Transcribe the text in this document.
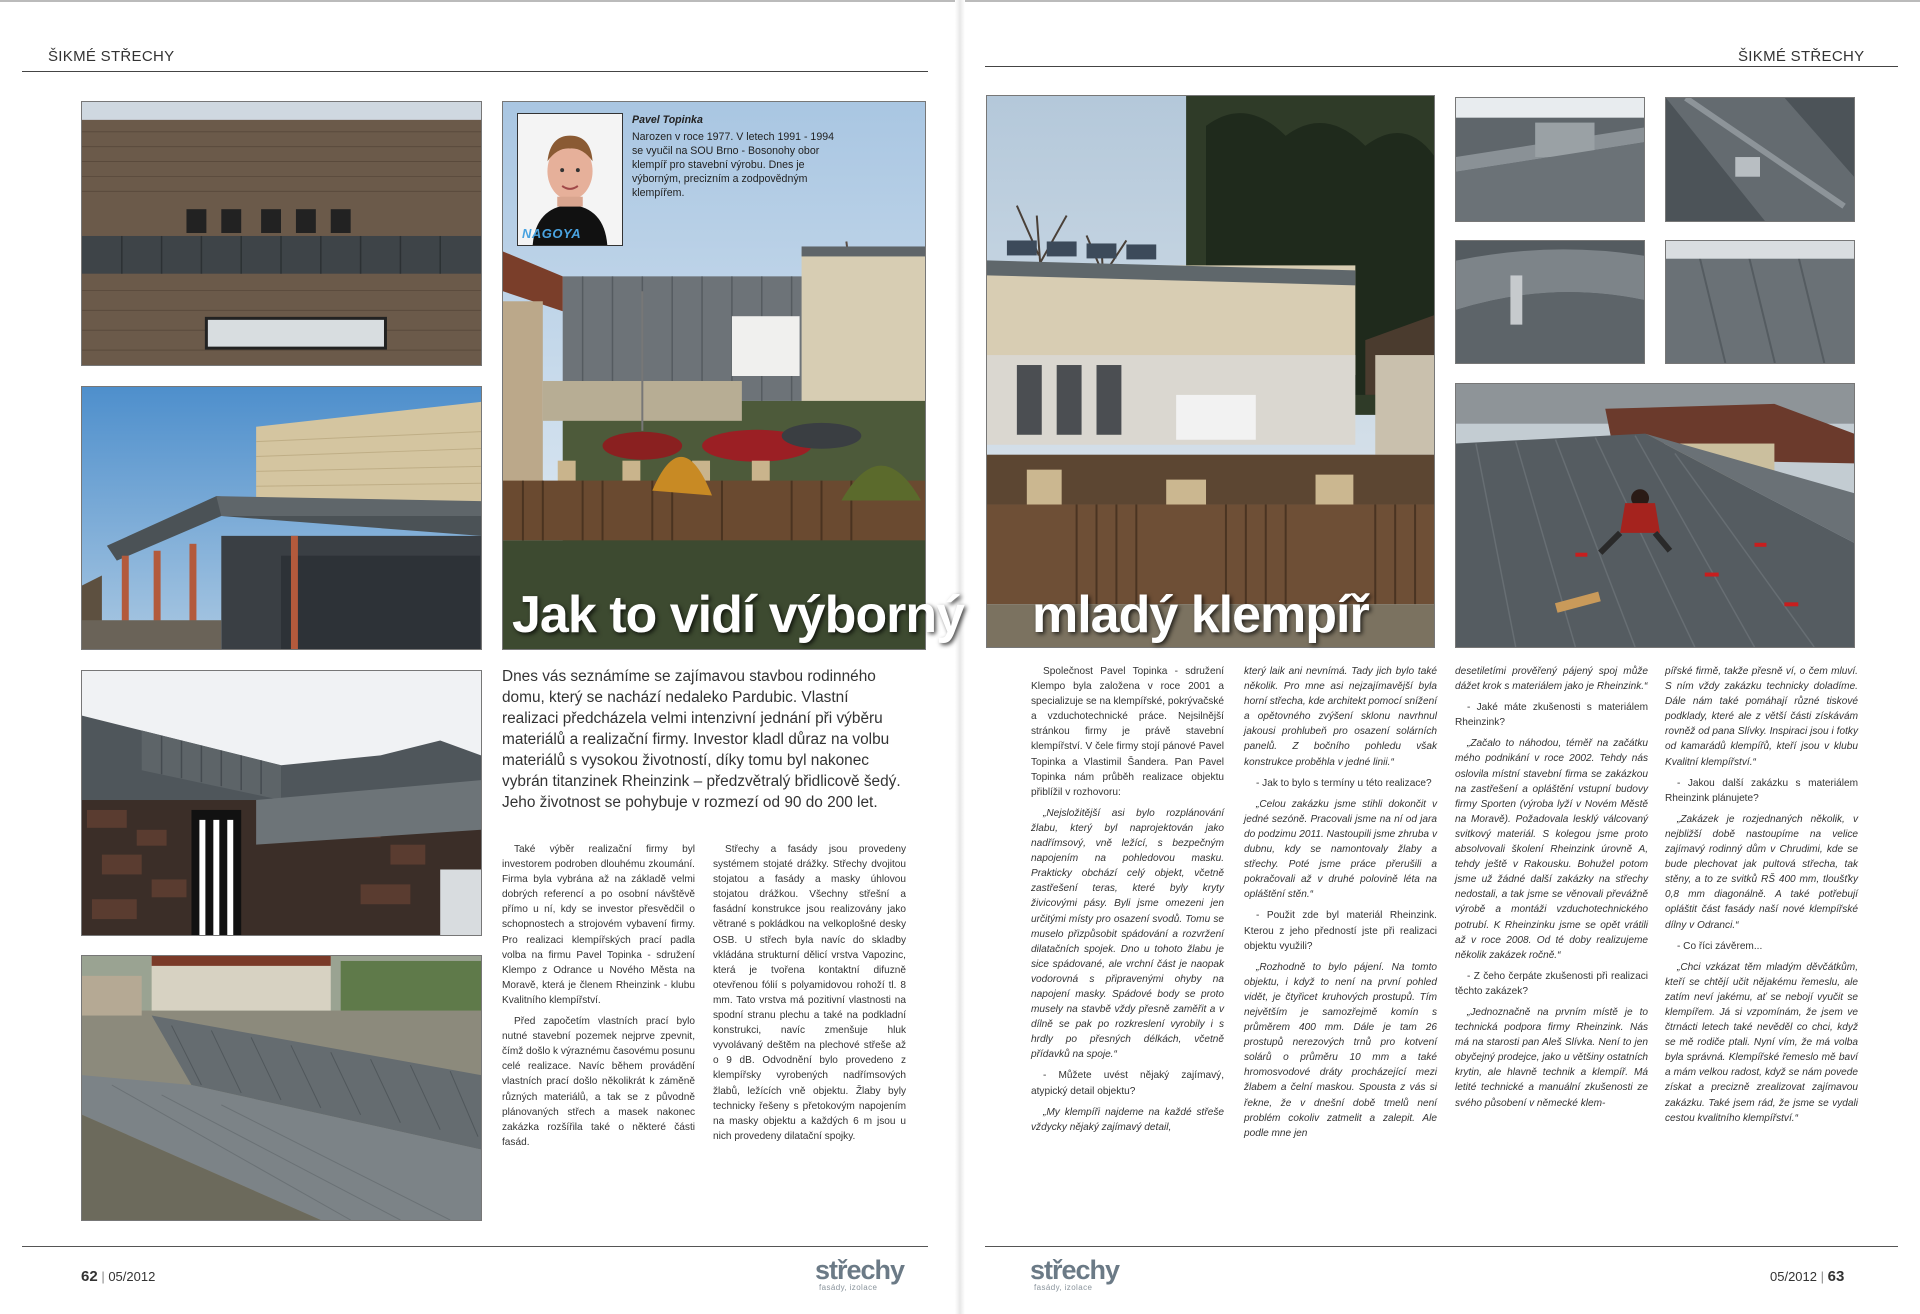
ŠIKMÉ STŘECHY
NAGOYA
Pavel Topinka
Narozen v roce 1977. V letech 1991 - 1994 se vyučil na SOU Brno - Bosonohy obor klempíř pro stavební výrobu. Dnes je výborným, precizním a zodpovědným klempířem.
Jak to vidí výborný
Dnes vás seznámíme se zajímavou stavbou rodinného domu, který se nachází nedaleko Pardubic. Vlastní realizaci předcházela velmi intenzivní jednání při výběru materiálů a realizační firmy. Investor kladl důraz na volbu materiálů s vysokou životností, díky tomu byl nakonec vybrán titanzinek Rheinzink – předzvětralý břidlicově šedý. Jeho životnost se pohybuje v rozmezí od 90 do 200 let.

Také výběr realizační firmy byl investorem podroben dlouhému zkoumání. Firma byla vybrána až na základě velmi dobrých referencí a po osobní návštěvě přímo u ní, kdy se investor přesvědčil o schopnostech a strojovém vybavení firmy. Pro realizaci klempířských prací padla volba na firmu Pavel Topinka - sdružení Klempo z Odrance u Nového Města na Moravě, která je členem Rheinzink - klubu Kvalitního klempířství.

Před započetím vlastních prací bylo nutné stavební pozemek nejprve zpevnit, čímž došlo k výraznému časovému posunu celé realizace. Navíc během provádění vlastních prací došlo několikrát k záměně různých materiálů, a tak se z původně plánovaných střech a masek nakonec zakázka rozšířila také o některé části fasád.

Střechy a fasády jsou provedeny systémem stojaté drážky. Střechy dvojitou stojatou a fasády a masky úhlovou stojatou drážkou. Všechny střešní a fasádní konstrukce jsou realizovány jako větrané s pokládkou na velkoplošné desky OSB. U střech byla navíc do skladby vkládána strukturní dělicí vrstva Vapozinc, která je tvořena kontaktní difuzně otevřenou fólií s polyamidovou rohoží tl. 8 mm. Tato vrstva má pozitivní vlastnosti na spodní stranu plechu a také na podkladní konstrukci, navíc zmenšuje hluk vyvolávaný deštěm na plechové střeše až o 9 dB. Odvodnění bylo provedeno z klempířsky vyrobených nadřímsových žlabů, ležících vně objektu. Žlaby byly technicky řešeny s přetokovým napojením na masky objektu a každých 6 m jsou u nich provedeny dilatační spojky.

62 | 05/2012	střechy
fasády, izolace
ŠIKMÉ STŘECHY
mladý klempíř

Společnost Pavel Topinka - sdružení Klempo byla založena v roce 2001 a specializuje se na klempířské, pokrývačské a vzduchotechnické práce. Nejsilnější stránkou firmy je právě stavební klempířství. V čele firmy stojí pánové Pavel Topinka a Vlastimil Šandera. Pan Pavel Topinka nám průběh realizace objektu přiblížil v rozhovoru:

„Nejsložitější asi bylo rozplánování žlabu, který byl naprojektován jako nadřímsový, vně ležící, s bezpečným napojením na pohledovou masku. Prakticky obchází celý objekt, včetně zastřešení teras, které byly kryty živicovými pásy. Byli jsme omezeni jen určitými místy pro osazení svodů. Tomu se muselo přizpůsobit spádování a rozvržení dilatačních spojek. Dno u tohoto žlabu je sice spádované, ale vrchní část je naopak vodorovná s připravenými ohyby na napojení masky. Spádové body se proto musely na stavbě vždy přesně zaměřit a v dílně se pak po rozkreslení vyrobily i s hrdly po přesných délkách, včetně přídavků na spoje.“

- Můžete uvést nějaký zajímavý, atypický detail objektu?

„My klempíři najdeme na každé střeše vždycky nějaký zajímavý detail,

který laik ani nevnímá. Tady jich bylo také několik. Pro mne asi nejzajímavější byla horní střecha, kde architekt pomocí snížení a opětovného zvýšení sklonu navrhnul jakousi prohlubeň pro osazení solárních panelů. Z bočního pohledu však konstrukce proběhla v jedné linii.“

- Jak to bylo s termíny u této realizace?

„Celou zakázku jsme stihli dokončit v jedné sezóně. Pracovali jsme na ní od jara do podzimu 2011. Nastoupili jsme zhruba v dubnu, kdy se namontovaly žlaby a střechy. Poté jsme práce přerušili a pokračovali až v druhé polovině léta na opláštění stěn.“

- Použit zde byl materiál Rheinzink. Kterou z jeho předností jste při realizaci objektu využili?

„Rozhodně to bylo pájení. Na tomto objektu, i když to není na první pohled vidět, je čtyřicet kruhových prostupů. Tím největším je samozřejmě komín s průměrem 400 mm. Dále je tam 26 prostupů nerezových trnů pro kotvení solárů o průměru 10 mm a také hromosvodové dráty procházející mezi žlabem a čelní maskou. Spousta z vás si řekne, že v dnešní době tmelů není problém cokoliv zatmelit a zalepit. Ale podle mne jen

desetiletími prověřený pájený spoj může dážet krok s materiálem jako je Rheinzink.“

- Jaké máte zkušenosti s materiálem Rheinzink?

„Začalo to náhodou, téměř na začátku mého podnikání v roce 2002. Tehdy nás oslovila místní stavební firma se zakázkou na zastřešení a opláštění vstupní budovy firmy Sporten (výroba lyží v Novém Městě na Moravě). Požadovala lesklý válcovaný svitkový materiál. S kolegou jsme proto absolvovali školení Rheinzink úrovně A, tehdy ještě v Rakousku. Bohužel potom jsme už žádné další zakázky na střechy nedostali, a tak jsme se věnovali převážně výrobě a montáži vzduchotechnického potrubí. K Rheinzinku jsme se opět vrátili až v roce 2008. Od té doby realizujeme několik zakázek ročně.“

- Z čeho čerpáte zkušenosti při realizaci těchto zakázek?

„Jednoznačně na prvním místě je to technická podpora firmy Rheinzink. Nás má na starosti pan Aleš Slívka. Není to jen obyčejný prodejce, jako u většiny ostatních krytin, ale hlavně technik a klempíř. Má letité technické a manuální zkušenosti ze svého působení v německé klem-

pířské firmě, takže přesně ví, o čem mluví. S ním vždy zakázku technicky doladíme. Dále nám také pomáhají různé tiskové podklady, které ale z větší části získávám rovněž od pana Slívky. Inspiraci jsou i fotky od kamarádů klempířů, kteří jsou v klubu Kvalitní klempířství.“

- Jakou další zakázku s materiálem Rheinzink plánujete?

„Zakázek je rozjednaných několik, v nejbližší době nastoupíme na velice zajímavý rodinný dům v Chrudimi, kde se bude plechovat jak pultová střecha, tak stěny, a to ze svitků RŠ 400 mm, tloušťky 0,8 mm diagonálně. A také potřebují opláštit část fasády naší nové klempířské dílny v Odranci.“

- Co říci závěrem...

„Chci vzkázat těm mladým děvčátkům, kteří se chtějí učit nějakému řemeslu, ale zatím neví jakému, ať se nebojí vyučit se klempířem. Já si vzpomínám, že jsem ve čtrnácti letech také nevěděl co chci, když se mě rodiče ptali. Nyní vím, že má volba byla správná. Klempířské řemeslo mě baví a mám velkou radost, když se nám povede získat a precizně zrealizovat zajímavou zakázku. Také jsem rád, že jsme se vydali cestou kvalitního klempířství.“

střechy
fasády, izolace
05/2012 | 63
